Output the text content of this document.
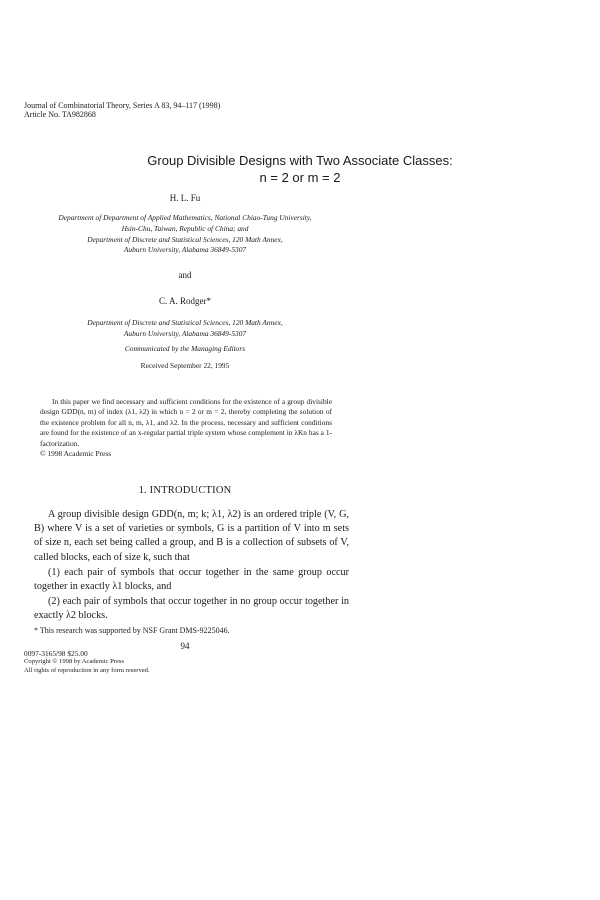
Journal of Combinatorial Theory, Series A 83, 94–117 (1998)
Article No. TA982868
Group Divisible Designs with Two Associate Classes:
n = 2 or m = 2
H. L. Fu
Department of Department of Applied Mathematics, National Chiao-Tung University,
Hsin-Chu, Taiwan, Republic of China; and
Department of Discrete and Statistical Sciences, 120 Math Annex,
Auburn University, Alabama 36849-5307
and
C. A. Rodger*
Department of Discrete and Statistical Sciences, 120 Math Annex,
Auburn University, Alabama 36849-5307
Communicated by the Managing Editors
Received September 22, 1995

In this paper we find necessary and sufficient conditions for the existence of a group divisible design GDD(n, m) of index (λ1, λ2) in which n = 2 or m = 2, thereby completing the solution of the existence problem for all n, m, λ1, and λ2. In the process, necessary and sufficient conditions are found for the existence of an x-regular partial triple system whose complement in λKn has a 1-factorization.

© 1998 Academic Press

1. INTRODUCTION

A group divisible design GDD(n, m; k; λ1, λ2) is an ordered triple (V, G, B) where V is a set of varieties or symbols, G is a partition of V into m sets of size n, each set being called a group, and B is a collection of subsets of V, called blocks, each of size k, such that

(1) each pair of symbols that occur together in the same group occur together in exactly λ1 blocks, and

(2) each pair of symbols that occur together in no group occur together in exactly λ2 blocks.

* This research was supported by NSF Grant DMS-9225046.
94
0097-3165/98 $25.00
Copyright © 1998 by Academic Press
All rights of reproduction in any form reserved.
